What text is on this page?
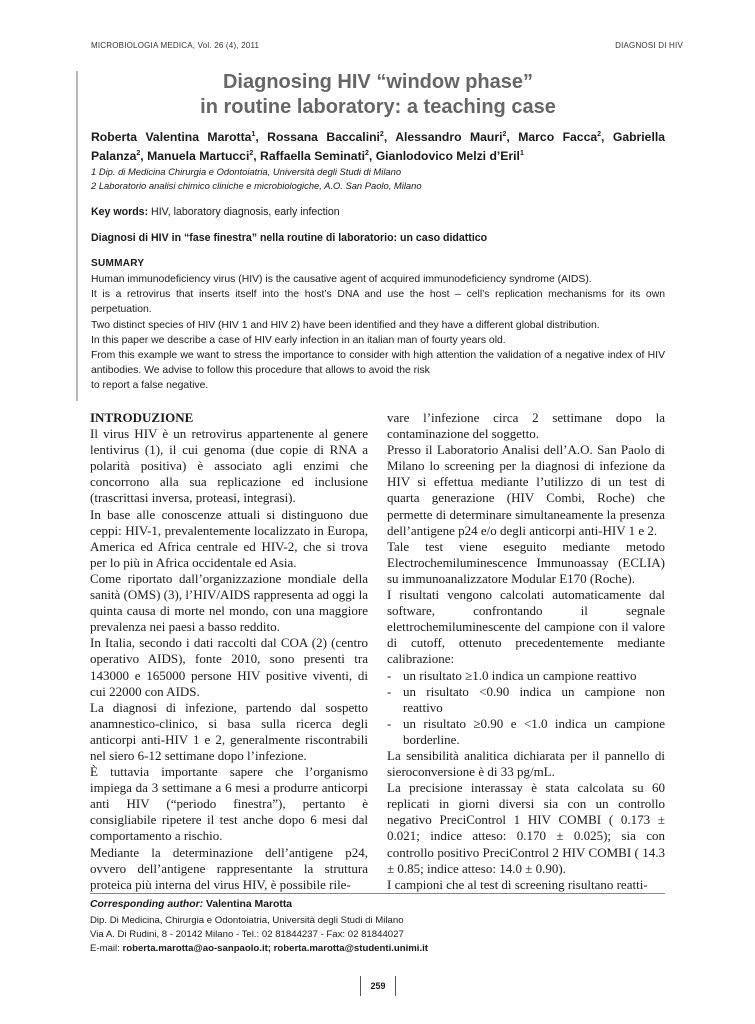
MICROBIOLOGIA MEDICA, Vol. 26 (4), 2011	DIAGNOSI DI HIV
Diagnosing HIV “window phase”
in routine laboratory: a teaching case
Roberta Valentina Marotta$^1$, Rossana Baccalini$^2$, Alessandro Mauri$^2$, Marco Facca$^2$, Gabriella Palanza$^2$, Manuela Martucci$^2$, Raffaella Seminati$^2$, Gianlodovico Melzi d’Eril$^1$
1 Dip. di Medicina Chirurgia e Odontoiatria, Università degli Studi di Milano
2 Laboratorio analisi chimico cliniche e microbiologiche, A.O. San Paolo, Milano
Key words: HIV, laboratory diagnosis, early infection
Diagnosi di HIV in “fase finestra” nella routine di laboratorio: un caso didattico
SUMMARY

Human immunodeficiency virus (HIV) is the causative agent of acquired immunodeficiency syndrome (AIDS).

It is a retrovirus that inserts itself into the host’s DNA and use the host – cell’s replication mechanisms for its own perpetuation.

Two distinct species of HIV (HIV 1 and HIV 2) have been identified and they have a different global distribution.

In this paper we describe a case of HIV early infection in an italian man of fourty years old.

From this example we want to stress the importance to consider with high attention the validation of a negative index of HIV antibodies. We advise to follow this procedure that allows to avoid the risk

to report a false negative.

INTRODUZIONE

Il virus HIV è un retrovirus appartenente al genere lentivirus (1), il cui genoma (due copie di RNA a polarità positiva) è associato agli enzimi che concorrono alla sua replicazione ed inclusione (trascrittasi inversa, proteasi, integrasi).

In base alle conoscenze attuali si distinguono due ceppi: HIV-1, prevalentemente localizzato in Europa, America ed Africa centrale ed HIV-2, che si trova per lo più in Africa occidentale ed Asia.

Come riportato dall’organizzazione mondiale della sanità (OMS) (3), l’HIV/AIDS rappresenta ad oggi la quinta causa di morte nel mondo, con una maggiore prevalenza nei paesi a basso reddito.

In Italia, secondo i dati raccolti dal COA (2) (centro operativo AIDS), fonte 2010, sono presenti tra 143000 e 165000 persone HIV positive viventi, di cui 22000 con AIDS.

La diagnosi di infezione, partendo dal sospetto anamnestico-clinico, si basa sulla ricerca degli anticorpi anti-HIV 1 e 2, generalmente riscontrabili nel siero 6-12 settimane dopo l’infezione.

È tuttavia importante sapere che l’organismo impiega da 3 settimane a 6 mesi a produrre anticorpi anti HIV (“periodo finestra”), pertanto è consigliabile ripetere il test anche dopo 6 mesi dal comportamento a rischio.

Mediante la determinazione dell’antigene p24, ovvero dell’antigene rappresentante la struttura proteica più interna del virus HIV, è possibile rile-

vare l’infezione circa 2 settimane dopo la contaminazione del soggetto.

Presso il Laboratorio Analisi dell’A.O. San Paolo di Milano lo screening per la diagnosi di infezione da HIV si effettua mediante l’utilizzo di un test di quarta generazione (HIV Combi, Roche) che permette di determinare simultaneamente la presenza dell’antigene p24 e/o degli anticorpi anti-HIV 1 e 2.

Tale test viene eseguito mediante metodo Electrochemiluminescence Immunoassay (ECLIA) su immunoanalizzatore Modular E170 (Roche).

I risultati vengono calcolati automaticamente dal software, confrontando il segnale elettrochemiluminescente del campione con il valore di cutoff, ottenuto precedentemente mediante calibrazione:

- un risultato ≥1.0 indica un campione reattivo

- un risultato <0.90 indica un campione non reattivo

- un risultato ≥0.90 e <1.0 indica un campione borderline.

La sensibilità analitica dichiarata per il pannello di sieroconversione è di 33 pg/mL.

La precisione interassay è stata calcolata su 60 replicati in giorni diversi sia con un controllo negativo PreciControl 1 HIV COMBI ( 0.173 ± 0.021; indice atteso: 0.170 ± 0.025); sia con controllo positivo PreciControl 2 HIV COMBI ( 14.3 ± 0.85; indice atteso: 14.0 ± 0.90).

I campioni che al test di screening risultano reatti-

Corresponding author: Valentina Marotta
Dip. Di Medicina, Chirurgia e Odontoiatria, Università degli Studi di Milano
Via A. Di Rudini, 8 - 20142 Milano - Tel.: 02 81844237 - Fax: 02 81844027
E-mail: roberta.marotta@ao-sanpaolo.it; roberta.marotta@studenti.unimi.it
259
